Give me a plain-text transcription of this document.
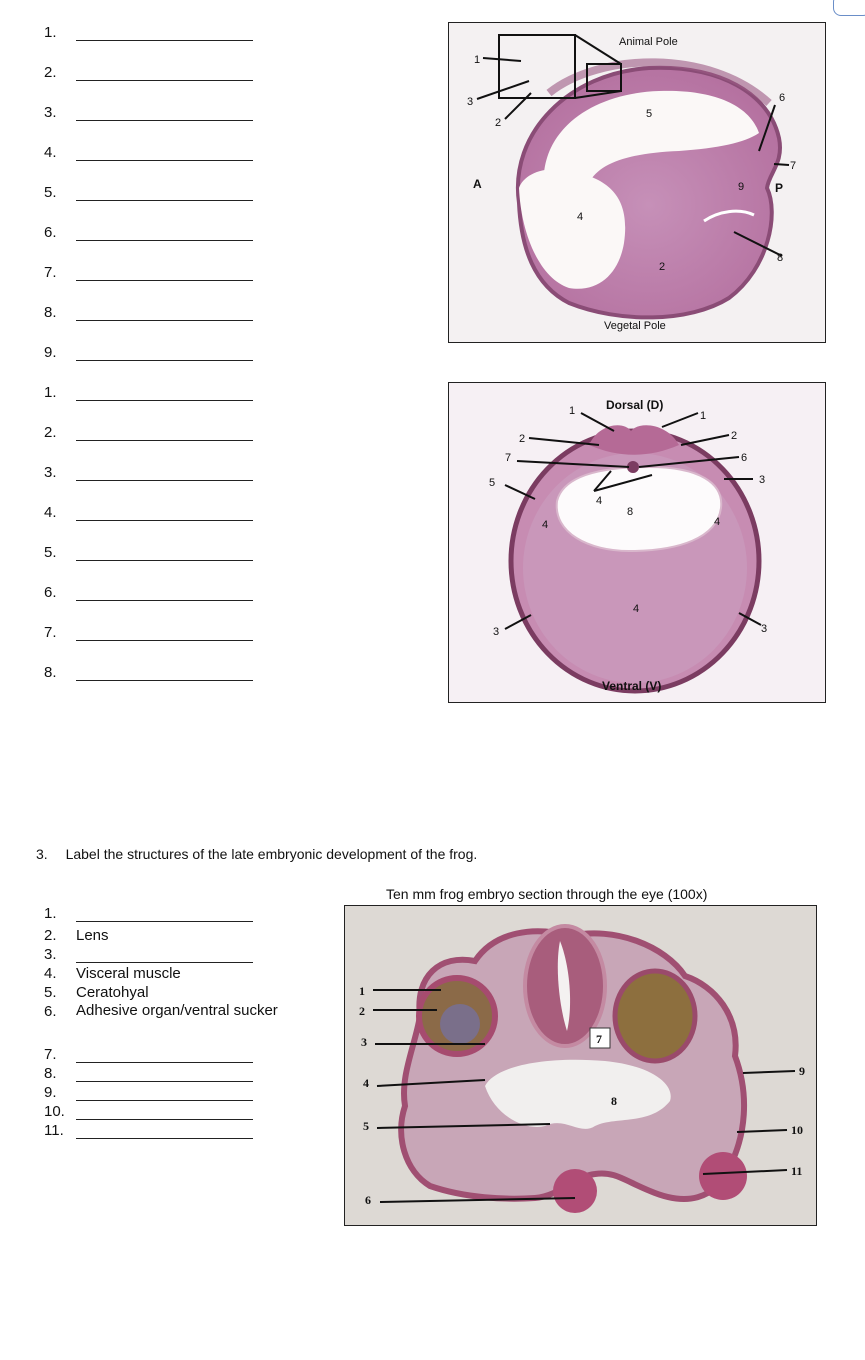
1.
2.
3.
4.
5.
6.
7.
8.
9.
1.
2.
3.
4.
5.
6.
7.
8.
Animal Pole
Vegetal Pole
A	P
1
2
2
3
4
5
6
7
8
9
Dorsal (D)
Ventral (V)
1	1
2	2
3
3	3
4
4	4
4
5
6
7
8
3. Label the structures of the late embryonic development of the frog.
Ten mm frog embryo section through the eye (100x)
1.
2. Lens
3.
4. Visceral muscle
5. Ceratohyal
6. Adhesive organ/ventral sucker
7.
8.
9.
10.
11.
7
1
2
3
4
5
6
8
9
10
11
